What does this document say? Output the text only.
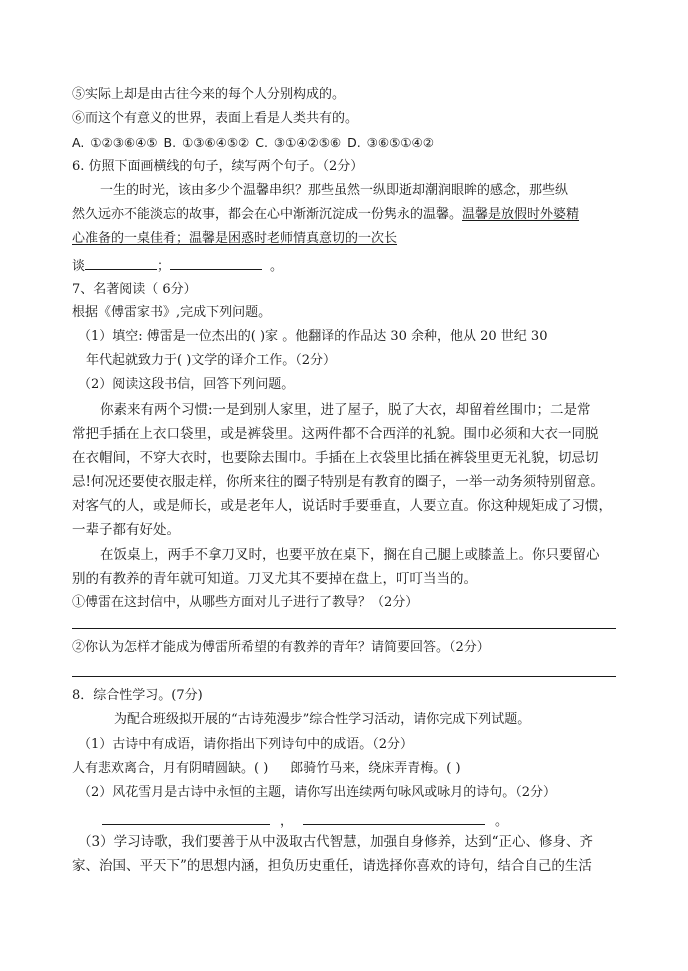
⑤实际上却是由古往今来的每个人分别构成的。
⑥而这个有意义的世界，表面上看是人类共有的。
A. ①②③⑥④⑤ B. ①③⑥④⑤② C. ③①④②⑤⑥ D. ③⑥⑤①④②
6. 仿照下面画横线的句子，续写两个句子。（2分）
一生的时光，该由多少个温馨串织？那些虽然一纵即逝却潮润眼眸的感念，那些纵
然久远亦不能淡忘的故事，都会在心中渐渐沉淀成一份隽永的温馨。温馨是放假时外婆精
心准备的一桌佳肴；温馨是困惑时老师情真意切的一次长
谈	；	。
7、名著阅读（ 6分）
根据《傅雷家书》,完成下列问题。
（1）填空: 傅雷是一位杰出的( )家 。他翻译的作品达 30 余种，他从 20 世纪 30
年代起就致力于( )文学的译介工作。（2分）
（2）阅读这段书信，回答下列问题。
你素来有两个习惯:一是到别人家里，进了屋子，脱了大衣，却留着丝围巾；二是常
常把手插在上衣口袋里，或是裤袋里。这两件都不合西洋的礼貌。围巾必须和大衣一同脱
在衣帽间，不穿大衣时，也要除去围巾。手插在上衣袋里比插在裤袋里更无礼貌，切忌切
忌!何况还要使衣服走样，你所来往的圈子特别是有教育的圈子，一举一动务须特别留意。
对客气的人，或是师长，或是老年人，说话时手要垂直，人要立直。你这种规矩成了习惯，
一辈子都有好处。
在饭桌上，两手不拿刀叉时，也要平放在桌下，搁在自己腿上或膝盖上。你只要留心
别的有教养的青年就可知道。刀叉尤其不要掉在盘上，叮叮当当的。
①傅雷在这封信中，从哪些方面对儿子进行了教导？（2分）
②你认为怎样才能成为傅雷所希望的有教养的青年？请简要回答。（2分）
8．综合性学习。(7分)
为配合班级拟开展的“古诗苑漫步”综合性学习活动，请你完成下列试题。
（1）古诗中有成语，请你指出下列诗句中的成语。（2分）
人有悲欢离合，月有阴晴圆缺。( ) 郎骑竹马来，绕床弄青梅。( )
（2）风花雪月是古诗中永恒的主题，请你写出连续两句咏风或咏月的诗句。（2分）
，	。
（3）学习诗歌，我们要善于从中汲取古代智慧，加强自身修养，达到“正心、修身、齐
家、治国、平天下”的思想内涵，担负历史重任，请选择你喜欢的诗句，结合自己的生活
